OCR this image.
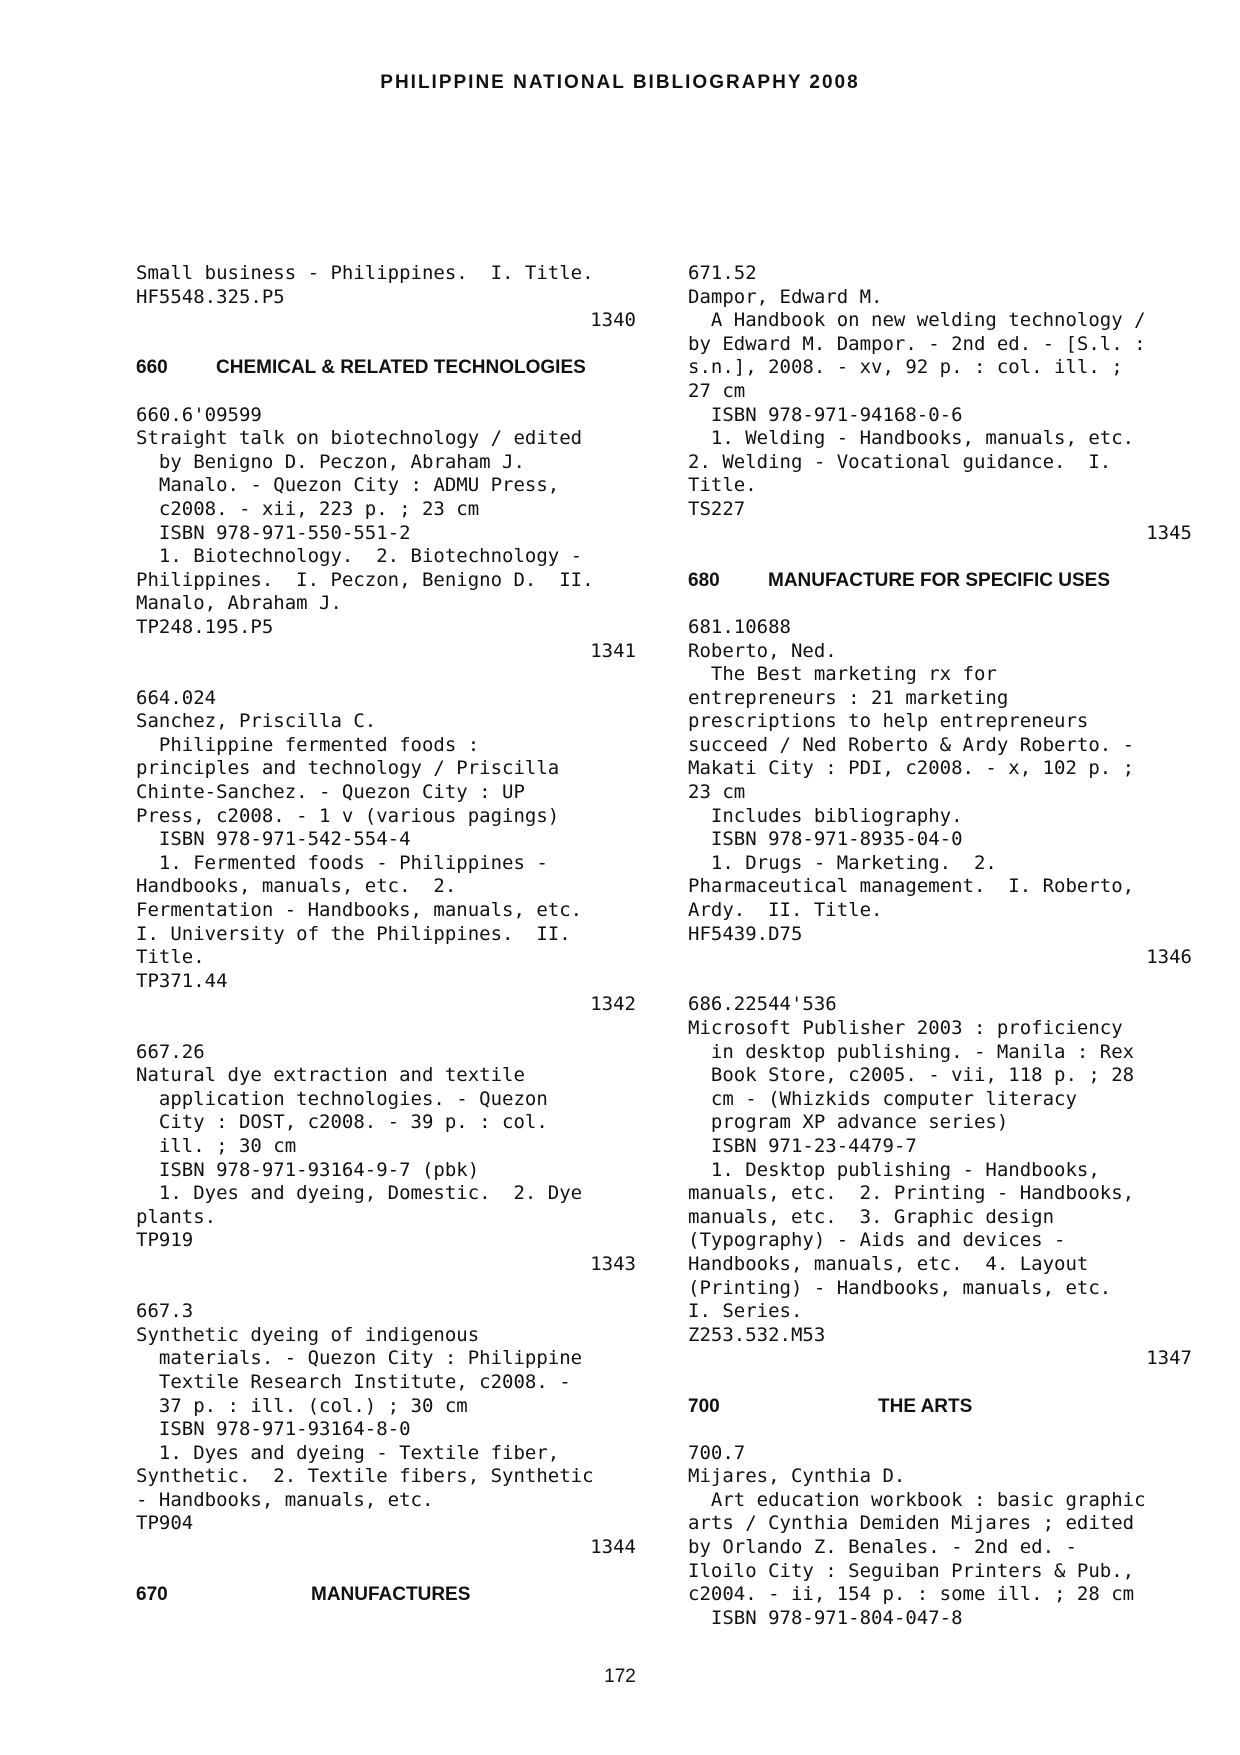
PHILIPPINE NATIONAL BIBLIOGRAPHY 2008
Small business - Philippines.  I. Title.
HF5548.325.P5
1340
660	CHEMICAL & RELATED TECHNOLOGIES
660.6'09599
Straight talk on biotechnology / edited
by Benigno D. Peczon, Abraham J.
Manalo. - Quezon City : ADMU Press,
c2008. - xii, 223 p. ; 23 cm
ISBN 978-971-550-551-2
1. Biotechnology.  2. Biotechnology -
Philippines.  I. Peczon, Benigno D.  II.
Manalo, Abraham J.
TP248.195.P5
1341
664.024
Sanchez, Priscilla C.
Philippine fermented foods :
principles and technology / Priscilla
Chinte-Sanchez. - Quezon City : UP
Press, c2008. - 1 v (various pagings)
ISBN 978-971-542-554-4
1. Fermented foods - Philippines -
Handbooks, manuals, etc.  2.
Fermentation - Handbooks, manuals, etc.
I. University of the Philippines.  II.
Title.
TP371.44
1342
667.26
Natural dye extraction and textile
application technologies. - Quezon
City : DOST, c2008. - 39 p. : col.
ill. ; 30 cm
ISBN 978-971-93164-9-7 (pbk)
1. Dyes and dyeing, Domestic.  2. Dye
plants.
TP919
1343
667.3
Synthetic dyeing of indigenous
materials. - Quezon City : Philippine
Textile Research Institute, c2008. -
37 p. : ill. (col.) ; 30 cm
ISBN 978-971-93164-8-0
1. Dyes and dyeing - Textile fiber,
Synthetic.  2. Textile fibers, Synthetic
- Handbooks, manuals, etc.
TP904
1344
670	MANUFACTURES
671.52
Dampor, Edward M.
A Handbook on new welding technology /
by Edward M. Dampor. - 2nd ed. - [S.l. :
s.n.], 2008. - xv, 92 p. : col. ill. ;
27 cm
ISBN 978-971-94168-0-6
1. Welding - Handbooks, manuals, etc.
2. Welding - Vocational guidance.  I.
Title.
TS227
1345
680	MANUFACTURE FOR SPECIFIC USES
681.10688
Roberto, Ned.
The Best marketing rx for
entrepreneurs : 21 marketing
prescriptions to help entrepreneurs
succeed / Ned Roberto & Ardy Roberto. -
Makati City : PDI, c2008. - x, 102 p. ;
23 cm
Includes bibliography.
ISBN 978-971-8935-04-0
1. Drugs - Marketing.  2.
Pharmaceutical management.  I. Roberto,
Ardy.  II. Title.
HF5439.D75
1346
686.22544'536
Microsoft Publisher 2003 : proficiency
in desktop publishing. - Manila : Rex
Book Store, c2005. - vii, 118 p. ; 28
cm - (Whizkids computer literacy
program XP advance series)
ISBN 971-23-4479-7
1. Desktop publishing - Handbooks,
manuals, etc.  2. Printing - Handbooks,
manuals, etc.  3. Graphic design
(Typography) - Aids and devices -
Handbooks, manuals, etc.  4. Layout
(Printing) - Handbooks, manuals, etc.
I. Series.
Z253.532.M53
1347
700	THE ARTS
700.7
Mijares, Cynthia D.
Art education workbook : basic graphic
arts / Cynthia Demiden Mijares ; edited
by Orlando Z. Benales. - 2nd ed. -
Iloilo City : Seguiban Printers & Pub.,
c2004. - ii, 154 p. : some ill. ; 28 cm
ISBN 978-971-804-047-8
172
